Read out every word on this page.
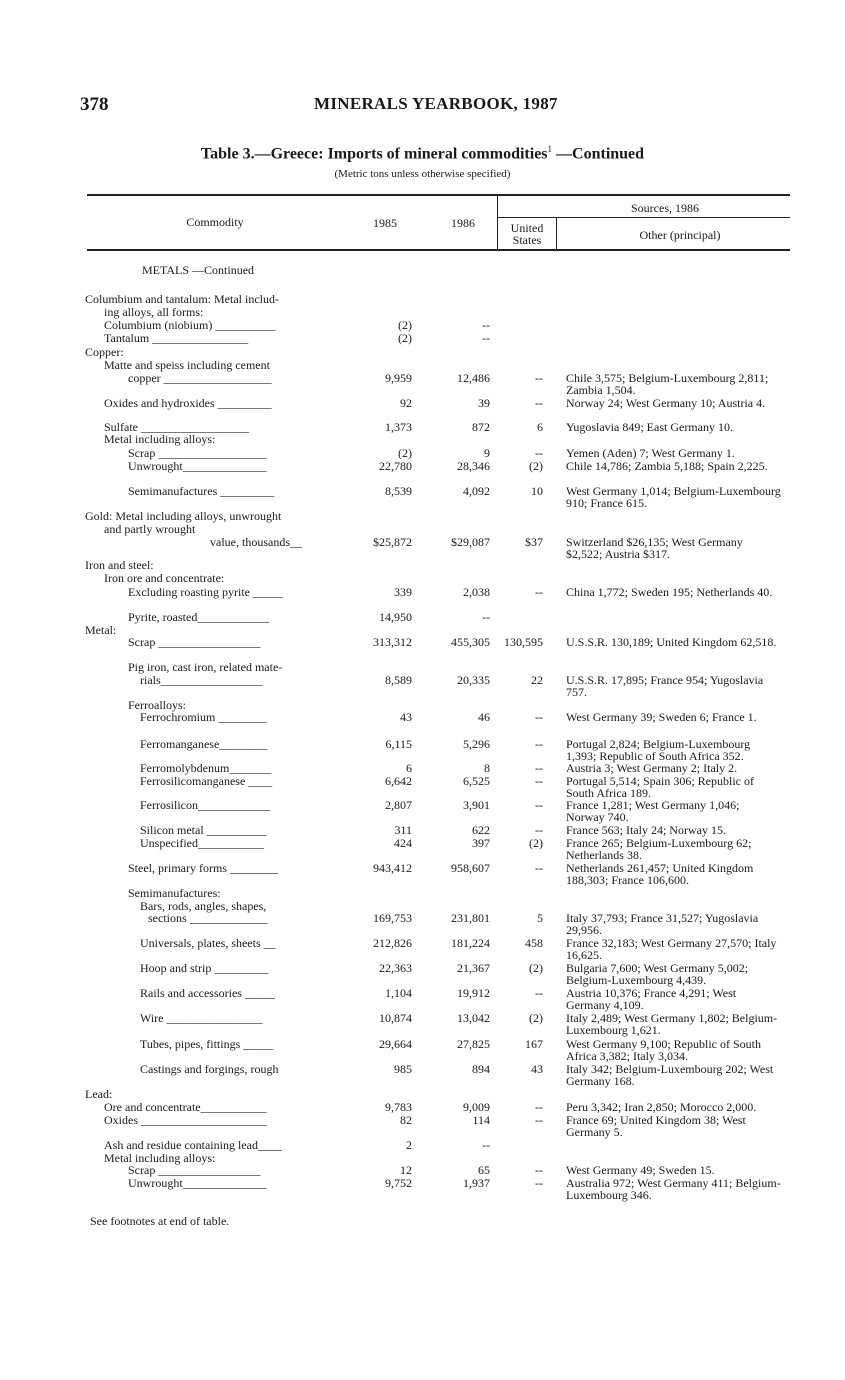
378	MINERALS YEARBOOK, 1987
Table 3.—Greece: Imports of mineral commodities$^1$ —Continued
(Metric tons unless otherwise specified)
Commodity	1985	1986
Sources, 1986
United
States	Other (principal)
METALS —Continued
Columbium and tantalum: Metal includ-
ing alloys, all forms:
Columbium (niobium) __________	(2)	--
Tantalum ________________	(2)	--
Copper:
Matte and speiss including cement
copper __________________	9,959	12,486	-- Chile 3,575; Belgium-Luxembourg 2,811; Zambia 1,504.
Oxides and hydroxides _________	92	39	-- Norway 24; West Germany 10; Austria 4.
Sulfate __________________	1,373	872	6 Yugoslavia 849; East Germany 10.
Metal including alloys:
Scrap __________________	(2)	9	-- Yemen (Aden) 7; West Germany 1.
Unwrought______________	22,780	28,346	(2) Chile 14,786; Zambia 5,188; Spain 2,225.
Semimanufactures _________	8,539	4,092	10 West Germany 1,014; Belgium-Luxembourg 910; France 615.
Gold: Metal including alloys, unwrought
and partly wrought
value, thousands__	$25,872	$29,087	$37 Switzerland $26,135; West Germany $2,522; Austria $317.
Iron and steel:
Iron ore and concentrate:
Excluding roasting pyrite _____	339	2,038	-- China 1,772; Sweden 195; Netherlands 40.
Pyrite, roasted____________	14,950	--
Metal:
Scrap _________________	313,312	455,305	130,595 U.S.S.R. 130,189; United Kingdom 62,518.
Pig iron, cast iron, related mate-
rials_________________	8,589	20,335	22 U.S.S.R. 17,895; France 954; Yugoslavia 757.
Ferroalloys:
Ferrochromium ________	43	46	-- West Germany 39; Sweden 6; France 1.
Ferromanganese________	6,115	5,296	-- Portugal 2,824; Belgium-Luxembourg 1,393; Republic of South Africa 352.
Ferromolybdenum_______	6	8	-- Austria 3; West Germany 2; Italy 2.
Ferrosilicomanganese ____	6,642	6,525	-- Portugal 5,514; Spain 306; Republic of South Africa 189.
Ferrosilicon____________	2,807	3,901	-- France 1,281; West Germany 1,046; Norway 740.
Silicon metal __________	311	622	-- France 563; Italy 24; Norway 15.
Unspecified___________	424	397	(2) France 265; Belgium-Luxembourg 62; Netherlands 38.
Steel, primary forms ________	943,412	958,607	-- Netherlands 261,457; United Kingdom 188,303; France 106,600.
Semimanufactures:
Bars, rods, angles, shapes,
sections _____________	169,753	231,801	5 Italy 37,793; France 31,527; Yugoslavia 29,956.
Universals, plates, sheets __	212,826	181,224	458 France 32,183; West Germany 27,570; Italy 16,625.
Hoop and strip _________	22,363	21,367	(2) Bulgaria 7,600; West Germany 5,002; Belgium-Luxembourg 4,439.
Rails and accessories _____	1,104	19,912	-- Austria 10,376; France 4,291; West Germany 4,109.
Wire ________________	10,874	13,042	(2) Italy 2,489; West Germany 1,802; Belgium-Luxembourg 1,621.
Tubes, pipes, fittings _____	29,664	27,825	167 West Germany 9,100; Republic of South Africa 3,382; Italy 3,034.
Castings and forgings, rough	985	894	43 Italy 342; Belgium-Luxembourg 202; West Germany 168.
Lead:
Ore and concentrate___________	9,783	9,009	-- Peru 3,342; Iran 2,850; Morocco 2,000.
Oxides _____________________	82	114	-- France 69; United Kingdom 38; West Germany 5.
Ash and residue containing lead____	2	--
Metal including alloys:
Scrap _________________	12	65	-- West Germany 49; Sweden 15.
Unwrought______________	9,752	1,937	-- Australia 972; West Germany 411; Belgium-Luxembourg 346.
See footnotes at end of table.
